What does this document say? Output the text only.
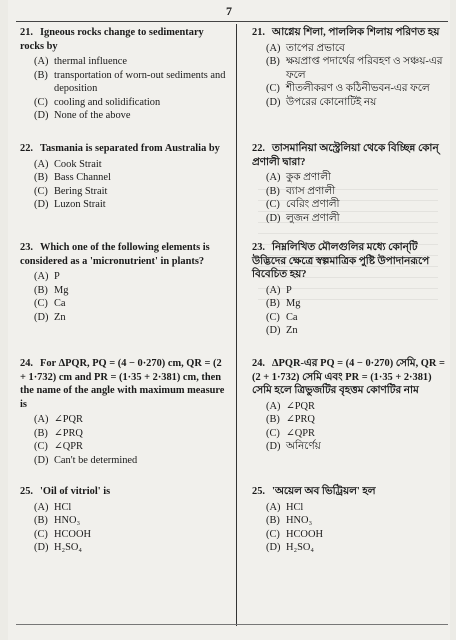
7
21. Igneous rocks change to sedimentary rocks by
(A) thermal influence
(B) transportation of worn-out sediments and deposition
(C) cooling and solidification
(D) None of the above
22. Tasmania is separated from Australia by
(A) Cook Strait
(B) Bass Channel
(C) Bering Strait
(D) Luzon Strait
23. Which one of the following elements is considered as a 'micronutrient' in plants?
(A) P
(B) Mg
(C) Ca
(D) Zn
24. For ΔPQR, PQ = (4 − 0·270) cm, QR = (2 + 1·732) cm and PR = (1·35 + 2·381) cm, then the name of the angle with maximum measure is
(A) ∠PQR
(B) ∠PRQ
(C) ∠QPR
(D) Can't be determined
25. 'Oil of vitriol' is
(A) HCl
(B) HNO₃
(C) HCOOH
(D) H₂SO₄
21. আগ্নেয় শিলা, পাললিক শিলায় পরিণত হয়
(A) তাপের প্রভাবে
(B) ক্ষয়প্রাপ্ত পদার্থের পরিবহণ ও সঞ্চয়-এর ফলে
(C) শীতলীকরণ ও কঠিনীভবন-এর ফলে
(D) উপরের কোনোটিই নয়
22. তাসমানিয়া অস্ট্রেলিয়া থেকে বিচ্ছিন্ন কোন্ প্রণালী দ্বারা?
(A) কুক প্রণালী
(B) ব্যাস প্রণালী
(C) বেরিং প্রণালী
(D) লুজন প্রণালী
23. নিম্নলিখিত মৌলগুলির মধ্যে কোন্‌টি উদ্ভিদের ক্ষেত্রে স্বল্পমাত্রিক পুষ্টি উপাদানরূপে বিবেচিত হয়?
(A) P
(B) Mg
(C) Ca
(D) Zn
24. ΔPQR-এর PQ = (4 − 0·270) সেমি, QR = (2 + 1·732) সেমি এবং PR = (1·35 + 2·381) সেমি হলে ত্রিভুজটির বৃহত্তম কোণটির নাম
(A) ∠PQR
(B) ∠PRQ
(C) ∠QPR
(D) অনির্ণেয়
25. 'অয়েল অব ভিট্রিয়ল' হল
(A) HCl
(B) HNO₃
(C) HCOOH
(D) H₂SO₄
